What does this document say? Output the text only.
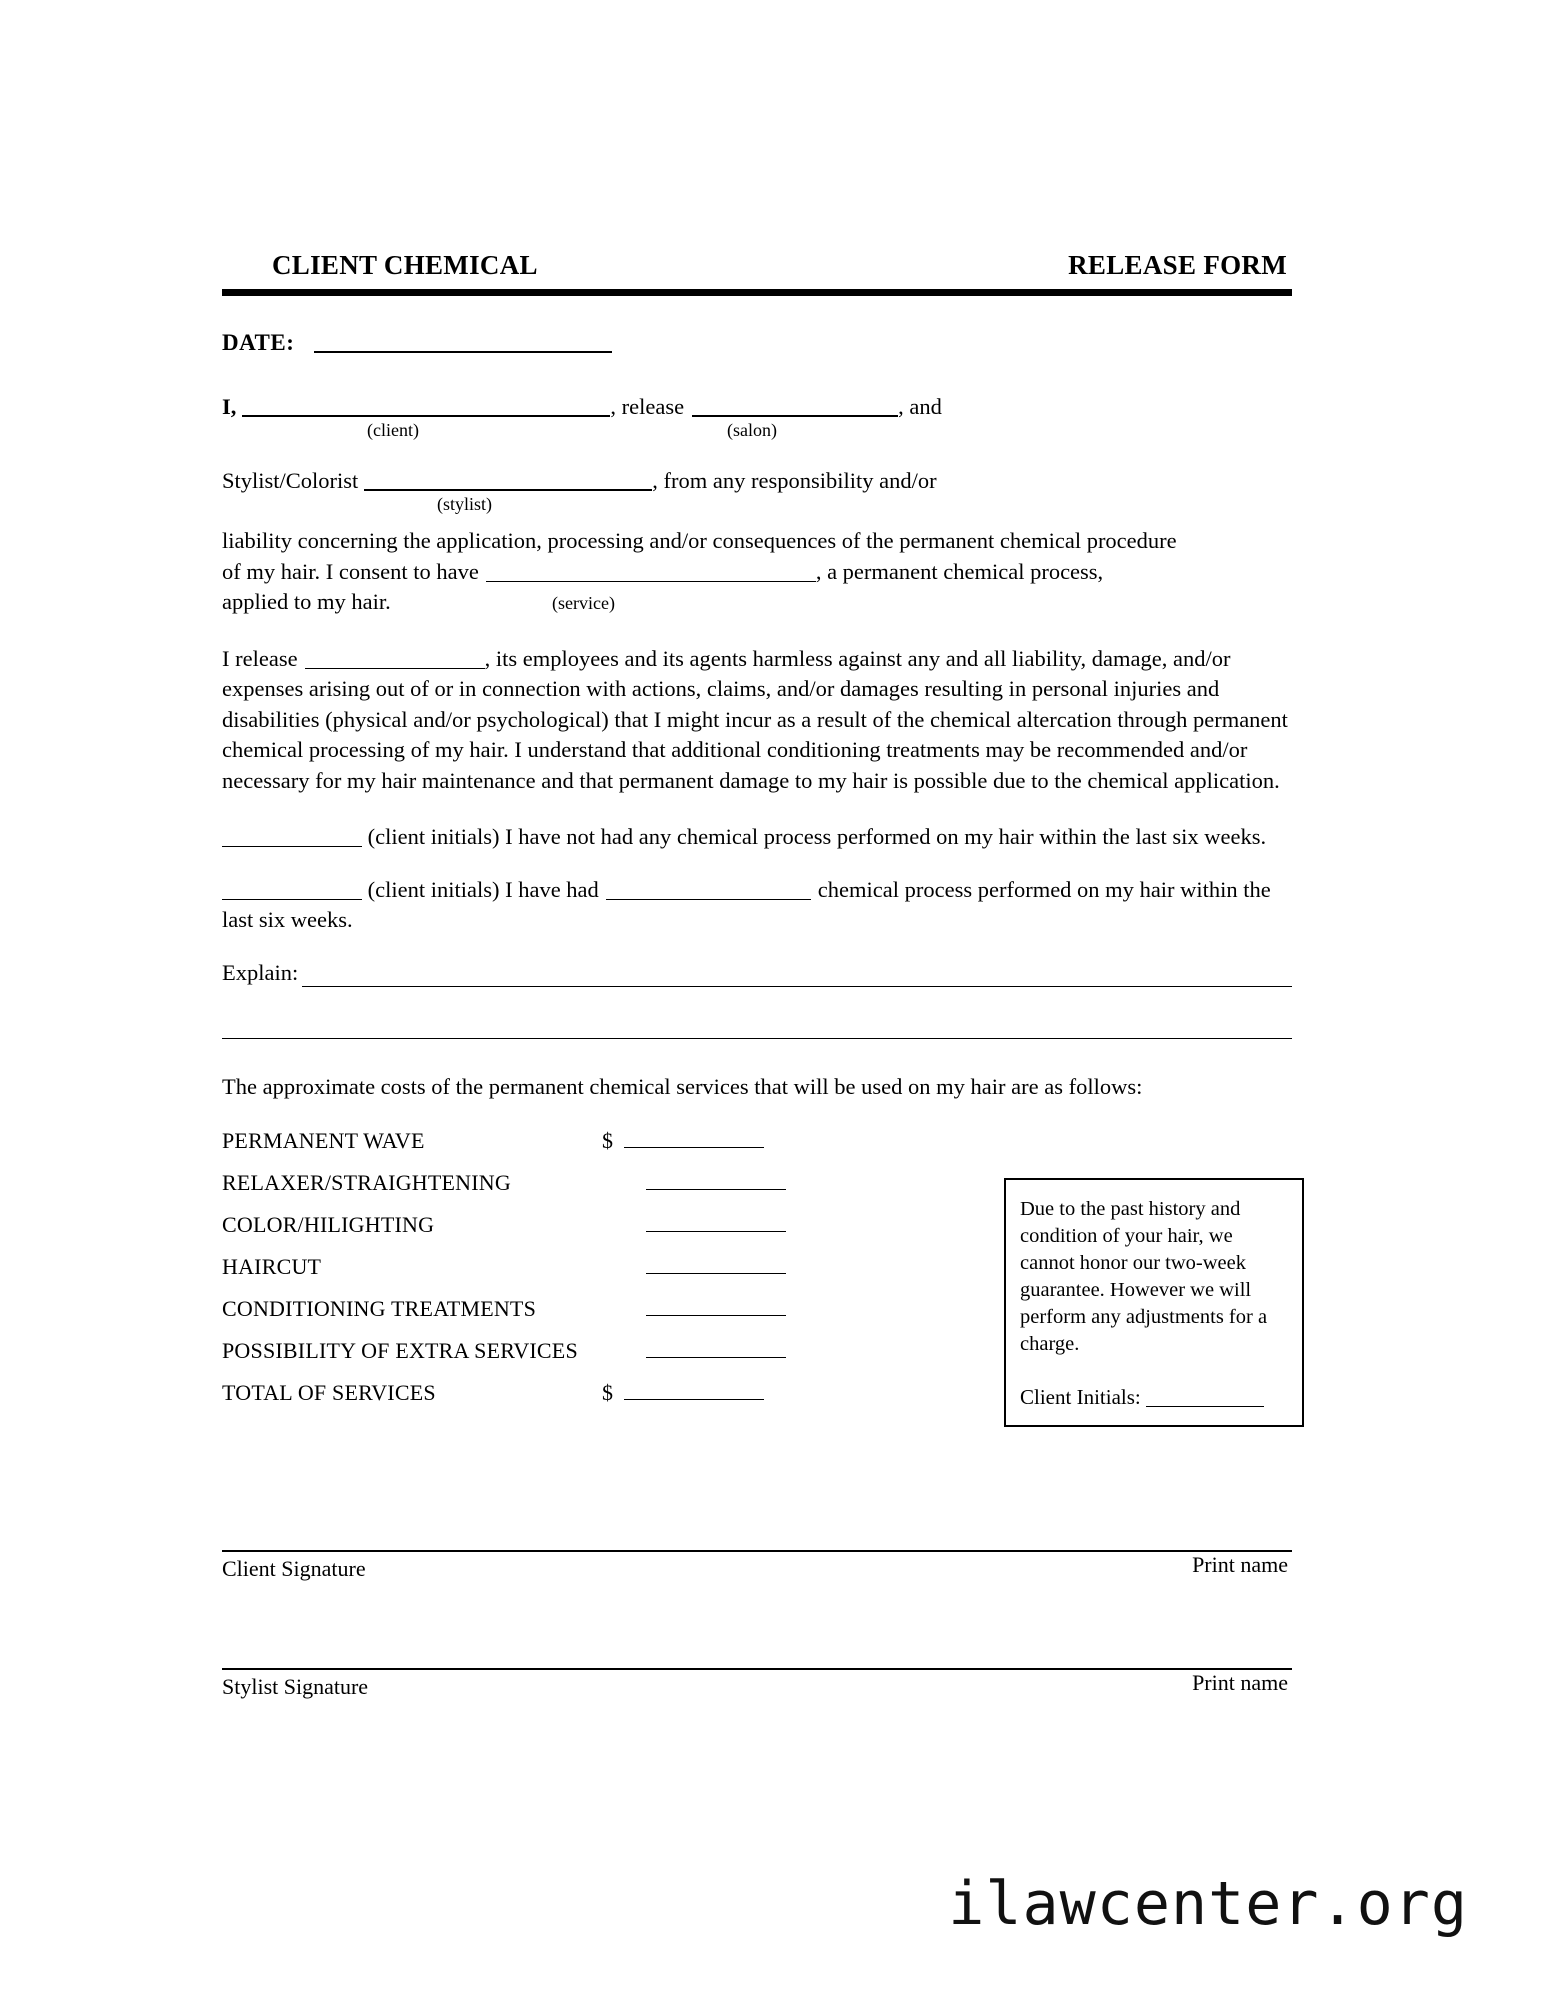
CLIENT CHEMICAL	RELEASE FORM
DATE:
I,	, release	, and
(client)	(salon)
Stylist/Colorist	, from any responsibility and/or
(stylist)
liability concerning the application, processing and/or consequences of the permanent chemical procedure
of my hair. I consent to have	, a permanent chemical process,
applied to my hair.	(service)
I release	, its employees and its agents harmless against any and all liability, damage, and/or expenses arising out of or in connection with actions, claims, and/or damages resulting in personal injuries and disabilities (physical and/or psychological) that I might incur as a result of the chemical altercation through permanent chemical processing of my hair. I understand that additional conditioning treatments may be recommended and/or necessary for my hair maintenance and that permanent damage to my hair is possible due to the chemical application.
(client initials) I have not had any chemical process performed on my hair within the last six weeks.
(client initials) I have had	chemical process performed on my hair within the last six weeks.
Explain:
The approximate costs of the permanent chemical services that will be used on my hair are as follows:
PERMANENT WAVE	$
RELAXER/STRAIGHTENING
COLOR/HILIGHTING
HAIRCUT
CONDITIONING TREATMENTS
POSSIBILITY OF EXTRA SERVICES
TOTAL OF SERVICES	$
Print name
Client Signature
Print name
Stylist Signature
Due to the past history and condition of your hair, we cannot honor our two-week guarantee. However we will perform any adjustments for a charge.
Client Initials:
ilawcenter.org
